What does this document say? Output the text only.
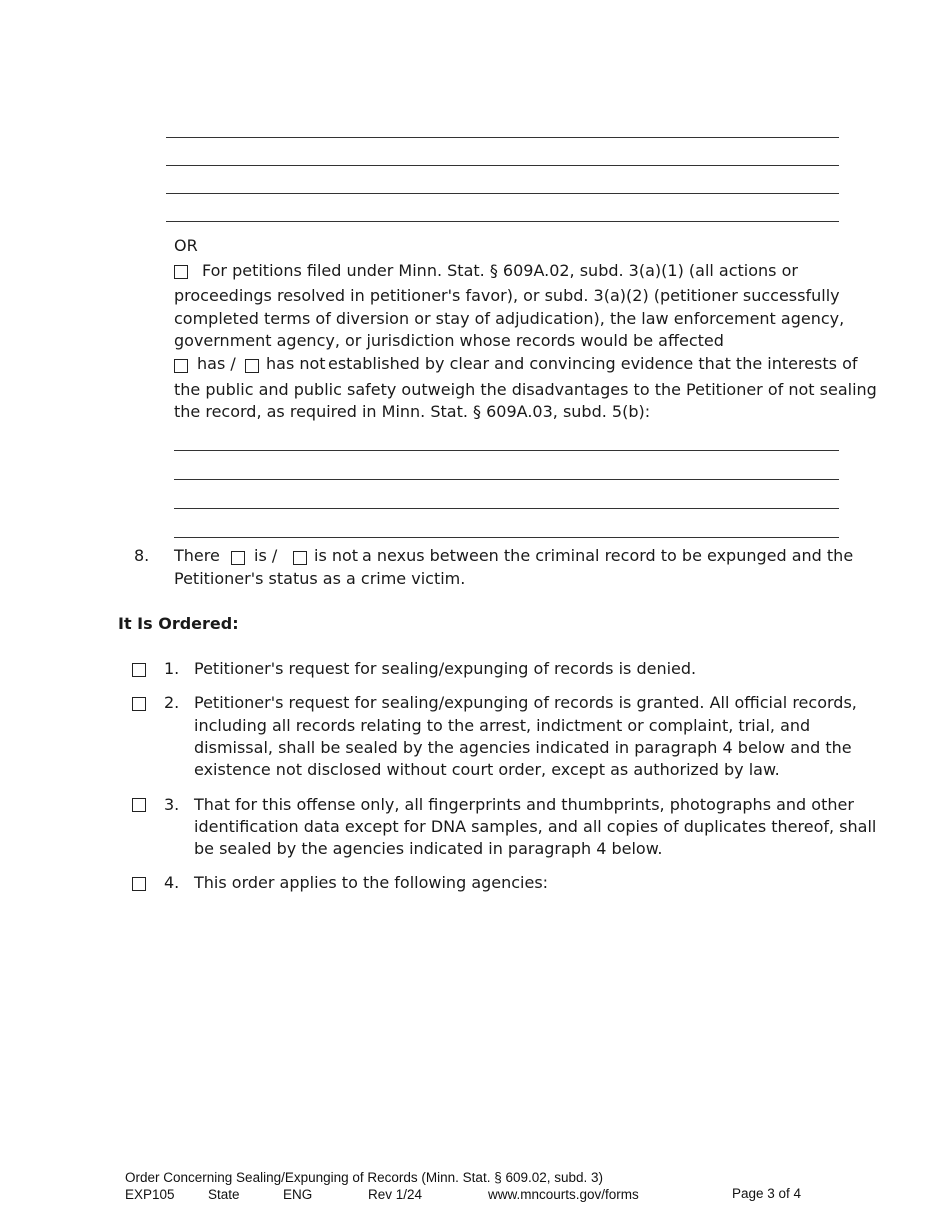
OR
For petitions filed under Minn. Stat. § 609A.02, subd. 3(a)(1) (all actions or
proceedings resolved in petitioner's favor), or subd. 3(a)(2) (petitioner successfully
completed terms of diversion or stay of adjudication), the law enforcement agency,
government agency, or jurisdiction whose records would be affected
has / has not established by clear and convincing evidence that the interests of
the public and public safety outweigh the disadvantages to the Petitioner of not sealing
the record, as required in Minn. Stat. § 609A.03, subd. 5(b):
8. There is / is not a nexus between the criminal record to be expunged and the
Petitioner's status as a crime victim.
It Is Ordered:
1. Petitioner's request for sealing/expunging of records is denied.
2. Petitioner's request for sealing/expunging of records is granted. All official records,
including all records relating to the arrest, indictment or complaint, trial, and
dismissal, shall be sealed by the agencies indicated in paragraph 4 below and the
existence not disclosed without court order, except as authorized by law.
3. That for this offense only, all fingerprints and thumbprints, photographs and other
identification data except for DNA samples, and all copies of duplicates thereof, shall
be sealed by the agencies indicated in paragraph 4 below.
4. This order applies to the following agencies:
Order Concerning Sealing/Expunging of Records (Minn. Stat. § 609.02, subd. 3)
EXP105 State	ENG	Rev 1/24	www.mncourts.gov/forms	Page 3 of 4
